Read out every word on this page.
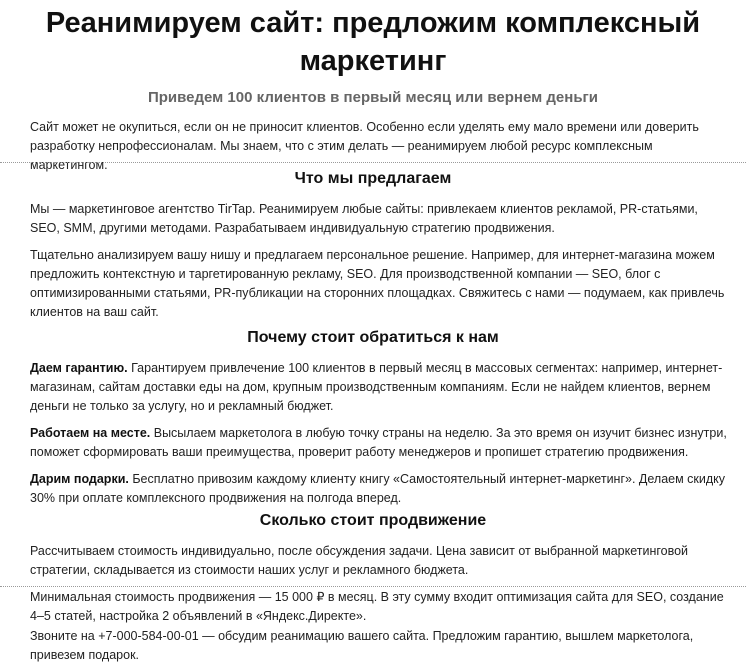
Реанимируем сайт: предложим комплексный маркетинг

Приведем 100 клиентов в первый месяц или вернем деньги

Сайт может не окупиться, если он не приносит клиентов. Особенно если уделять ему мало времени или доверить разработку непрофессионалам. Мы знаем, что с этим делать — реанимируем любой ресурс комплексным маркетингом.

Что мы предлагаем

Мы — маркетинговое агентство TirTap. Реанимируем любые сайты: привлекаем клиентов рекламой, PR-статьями, SEO, SMM, другими методами. Разрабатываем индивидуальную стратегию продвижения.

Тщательно анализируем вашу нишу и предлагаем персональное решение. Например, для интернет-магазина можем предложить контекстную и таргетированную рекламу, SEO. Для производственной компании — SEO, блог с оптимизированными статьями, PR-публикации на сторонних площадках. Свяжитесь с нами — подумаем, как привлечь клиентов на ваш сайт.

Почему стоит обратиться к нам

Даем гарантию. Гарантируем привлечение 100 клиентов в первый месяц в массовых сегментах: например, интернет-магазинам, сайтам доставки еды на дом, крупным производственным компаниям. Если не найдем клиентов, вернем деньги не только за услугу, но и рекламный бюджет.

Работаем на месте. Высылаем маркетолога в любую точку страны на неделю. За это время он изучит бизнес изнутри, поможет сформировать ваши преимущества, проверит работу менеджеров и пропишет стратегию продвижения.

Дарим подарки. Бесплатно привозим каждому клиенту книгу «Самостоятельный интернет-маркетинг». Делаем скидку 30% при оплате комплексного продвижения на полгода вперед.

Сколько стоит продвижение

Рассчитываем стоимость индивидуально, после обсуждения задачи. Цена зависит от выбранной маркетинговой стратегии, складывается из стоимости наших услуг и рекламного бюджета.

Минимальная стоимость продвижения — 15 000 ₽ в месяц. В эту сумму входит оптимизация сайта для SEO, создание 4–5 статей, настройка 2 объявлений в «Яндекс.Директе».

Звоните на +7-000-584-00-01 — обсудим реанимацию вашего сайта. Предложим гарантию, вышлем маркетолога, привезем подарок.
